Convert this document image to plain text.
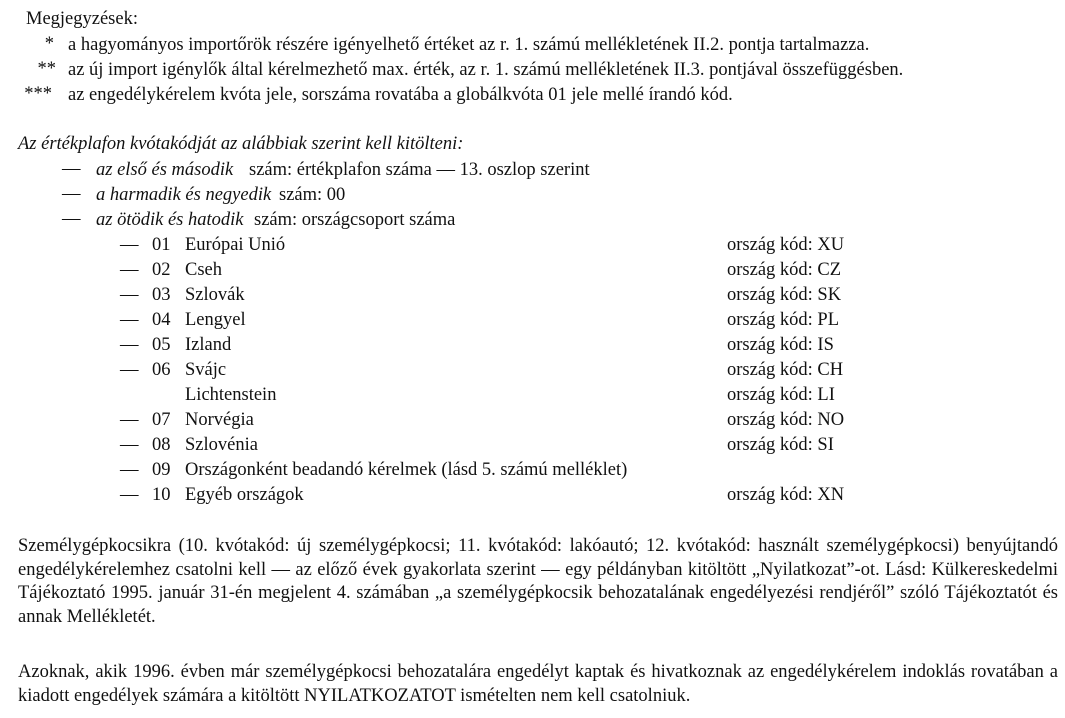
Megjegyzések:
* a hagyományos importőrök részére igényelhető értéket az r. 1. számú mellékletének II.2. pontja tartalmazza.
** az új import igénylők által kérelmezhető max. érték, az r. 1. számú mellékletének II.3. pontjával összefüggésben.
*** az engedélykérelem kvóta jele, sorszáma rovatába a globálkvóta 01 jele mellé írandó kód.
Az értékplafon kvótakódját az alábbiak szerint kell kitölteni:
— az első és második szám: értékplafon száma — 13. oszlop szerint
— a harmadik és negyedik szám: 00
— az ötödik és hatodik szám: országcsoport száma
— 01 Európai Unió	ország kód: XU
— 02 Cseh	ország kód: CZ
— 03 Szlovák	ország kód: SK
— 04 Lengyel	ország kód: PL
— 05 Izland	ország kód: IS
— 06 Svájc	ország kód: CH
Lichtenstein	ország kód: LI
— 07 Norvégia	ország kód: NO
— 08 Szlovénia	ország kód: SI
— 09 Országonként beadandó kérelmek (lásd 5. számú melléklet)
— 10 Egyéb országok	ország kód: XN
Személygépkocsikra (10. kvótakód: új személygépkocsi; 11. kvótakód: lakóautó; 12. kvótakód: használt személygépkocsi) benyújtandó engedélykérelemhez csatolni kell — az előző évek gyakorlata szerint — egy példányban kitöltött „Nyilatkozat”-ot. Lásd: Külkereskedelmi Tájékoztató 1995. január 31-én megjelent 4. számában „a személygépkocsik behozatalának engedélyezési rendjéről” szóló Tájékoztatót és annak Mellékletét.
Azoknak, akik 1996. évben már személygépkocsi behozatalára engedélyt kaptak és hivatkoznak az engedélykérelem indoklás rovatában a kiadott engedélyek számára a kitöltött NYILATKOZATOT ismételten nem kell csatolniuk.
